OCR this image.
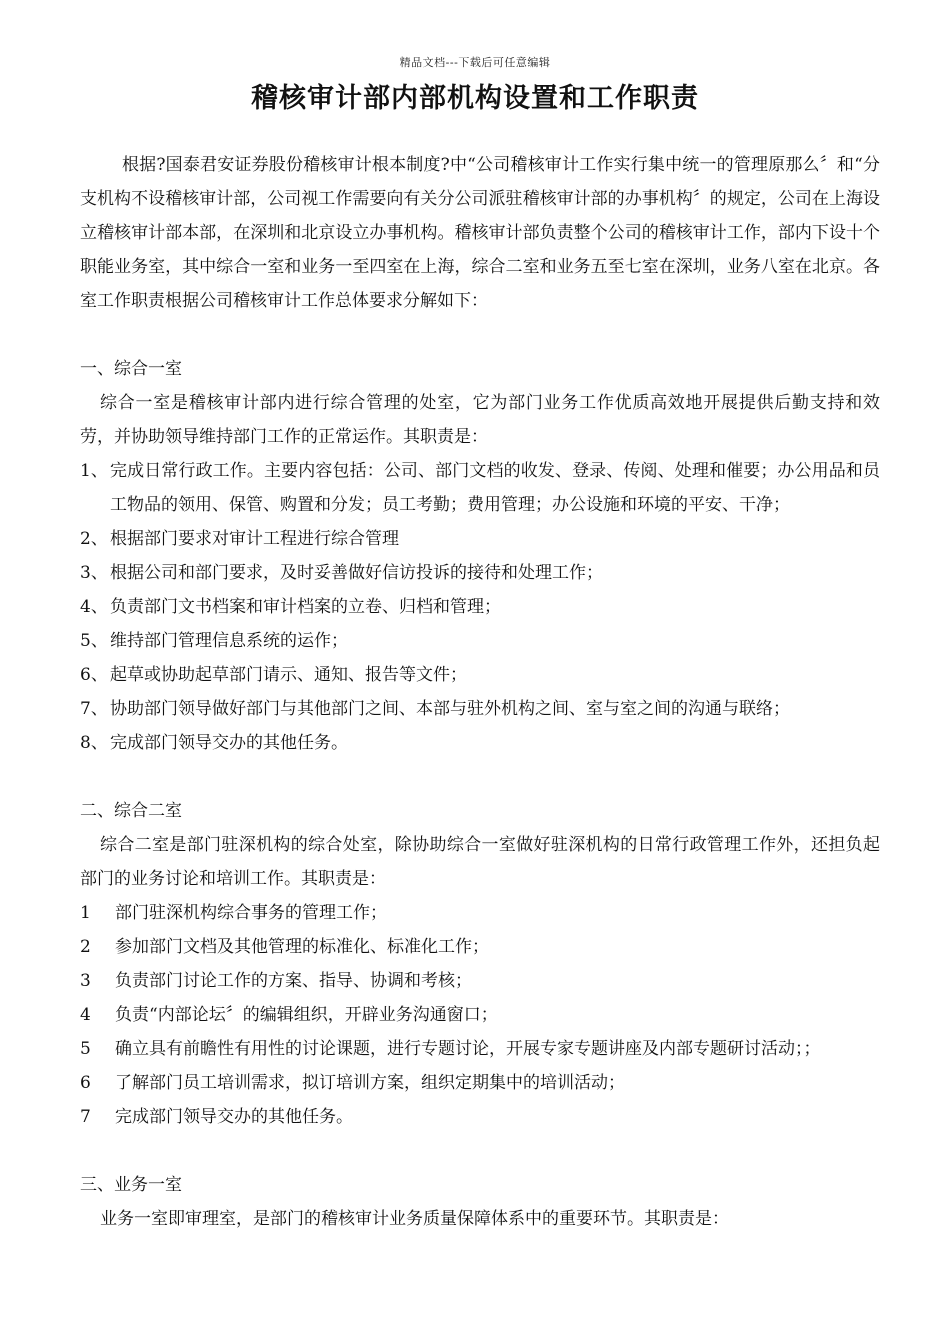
精品文档---下载后可任意编辑
稽核审计部内部机构设置和工作职责

根据?国泰君安证券股份稽核审计根本制度?中“公司稽核审计工作实行集中统一的管理原那么〞和“分支机构不设稽核审计部，公司视工作需要向有关分公司派驻稽核审计部的办事机构〞的规定，公司在上海设立稽核审计部本部，在深圳和北京设立办事机构。稽核审计部负责整个公司的稽核审计工作，部内下设十个职能业务室，其中综合一室和业务一至四室在上海，综合二室和业务五至七室在深圳，业务八室在北京。各室工作职责根据公司稽核审计工作总体要求分解如下：

一、综合一室

综合一室是稽核审计部内进行综合管理的处室，它为部门业务工作优质高效地开展提供后勤支持和效劳，并协助领导维持部门工作的正常运作。其职责是：

1、 完成日常行政工作。主要内容包括：公司、部门文档的收发、登录、传阅、处理和催要；办公用品和员工物品的领用、保管、购置和分发；员工考勤；费用管理；办公设施和环境的平安、干净；
2、 根据部门要求对审计工程进行综合管理
3、 根据公司和部门要求，及时妥善做好信访投诉的接待和处理工作；
4、 负责部门文书档案和审计档案的立卷、归档和管理；
5、 维持部门管理信息系统的运作；
6、 起草或协助起草部门请示、通知、报告等文件；
7、 协助部门领导做好部门与其他部门之间、本部与驻外机构之间、室与室之间的沟通与联络；
8、 完成部门领导交办的其他任务。

二、综合二室

综合二室是部门驻深机构的综合处室，除协助综合一室做好驻深机构的日常行政管理工作外，还担负起部门的业务讨论和培训工作。其职责是：

1	部门驻深机构综合事务的管理工作；
2	参加部门文档及其他管理的标准化、标准化工作；
3	负责部门讨论工作的方案、指导、协调和考核；
4	负责“内部论坛〞的编辑组织，开辟业务沟通窗口；
5	确立具有前瞻性有用性的讨论课题，进行专题讨论，开展专家专题讲座及内部专题研讨活动；；
6	了解部门员工培训需求，拟订培训方案，组织定期集中的培训活动；
7	完成部门领导交办的其他任务。

三、业务一室

业务一室即审理室，是部门的稽核审计业务质量保障体系中的重要环节。其职责是：
